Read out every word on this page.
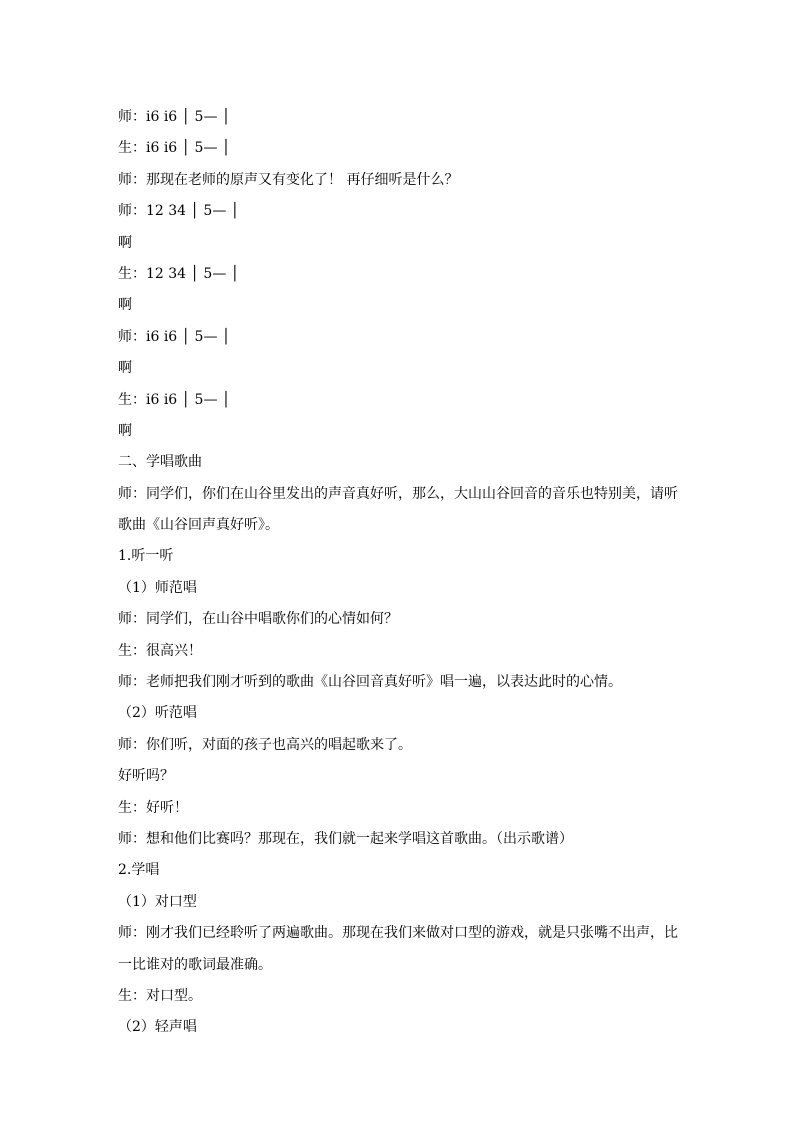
师：i6 i6 │ 5— │
生：i6 i6 │ 5— │
师：那现在老师的原声又有变化了！ 再仔细听是什么？
师：12 34 │ 5— │
啊
生：12 34 │ 5— │
啊
师：i6 i6 │ 5— │
啊
生：i6 i6 │ 5— │
啊
二、学唱歌曲
师：同学们，你们在山谷里发出的声音真好听，那么，大山山谷回音的音乐也特别美，请听
歌曲《山谷回声真好听》。
1.听一听
（1）师范唱
师：同学们，在山谷中唱歌你们的心情如何？
生：很高兴！
师：老师把我们刚才听到的歌曲《山谷回音真好听》唱一遍，以表达此时的心情。
（2）听范唱
师：你们听，对面的孩子也高兴的唱起歌来了。
好听吗？
生：好听！
师：想和他们比赛吗？那现在，我们就一起来学唱这首歌曲。（出示歌谱）
2.学唱
（1）对口型
师：刚才我们已经聆听了两遍歌曲。那现在我们来做对口型的游戏，就是只张嘴不出声，比
一比谁对的歌词最准确。
生：对口型。
（2）轻声唱
